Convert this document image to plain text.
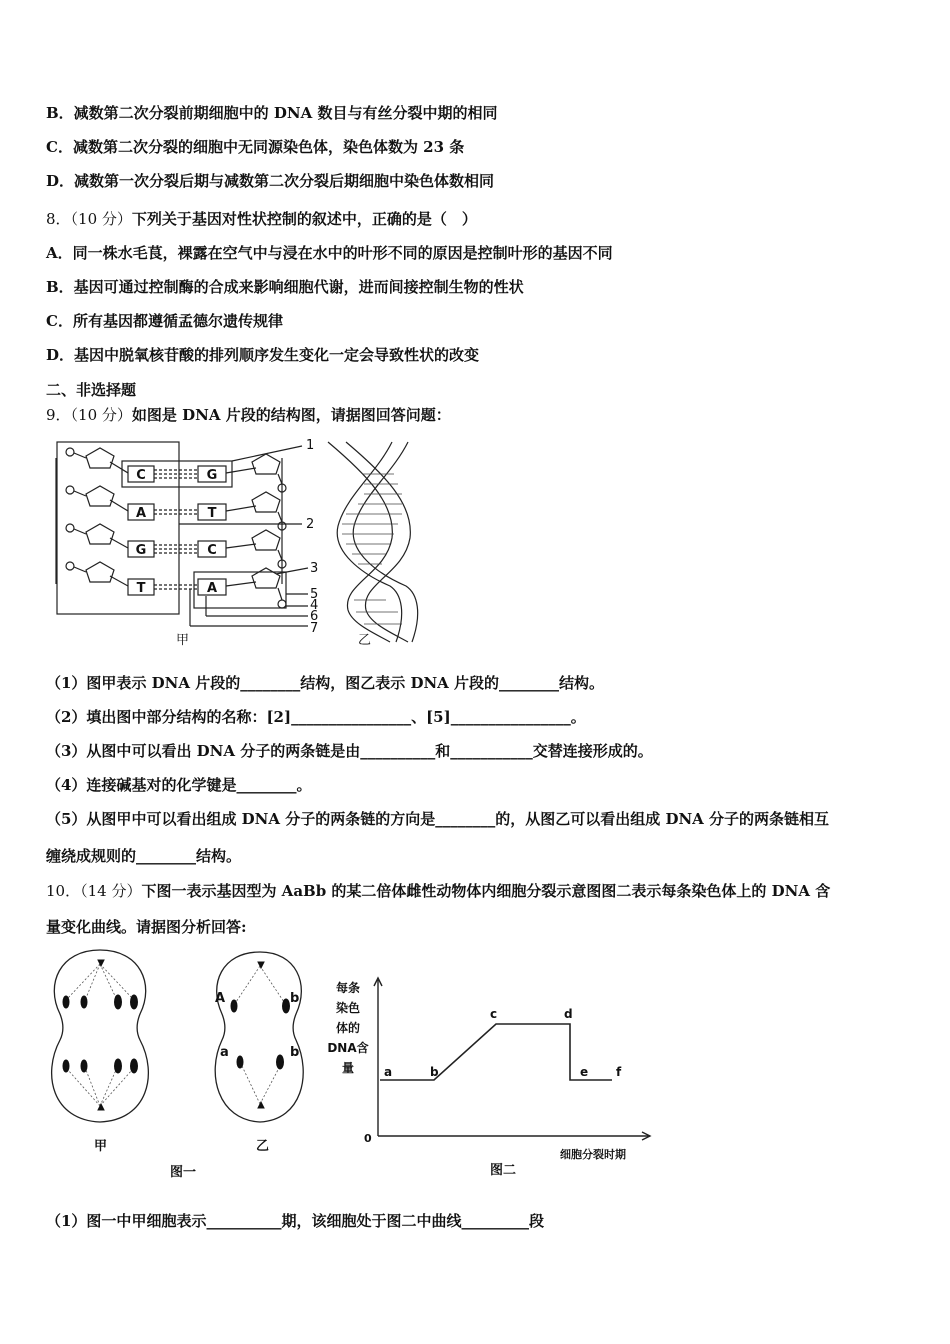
B．减数第二次分裂前期细胞中的 DNA 数目与有丝分裂中期的相同
C．减数第二次分裂的细胞中无同源染色体，染色体数为 23 条
D．减数第一次分裂后期与减数第二次分裂后期细胞中染色体数相同
8．（10 分）下列关于基因对性状控制的叙述中，正确的是（　）
A．同一株水毛茛，裸露在空气中与浸在水中的叶形不同的原因是控制叶形的基因不同
B．基因可通过控制酶的合成来影响细胞代谢，进而间接控制生物的性状
C．所有基因都遵循孟德尔遗传规律
D．基因中脱氧核苷酸的排列顺序发生变化一定会导致性状的改变
二、非选择题
9．（10 分）如图是 DNA 片段的结构图，请据图回答问题：
C
A
G
T
G
T
C
A
1
2
3
5
4
6
7
甲	乙
（1）图甲表示 DNA 片段的________结构，图乙表示 DNA 片段的________结构。
（2）填出图中部分结构的名称：[2]________________、[5]________________。
（3）从图中可以看出 DNA 分子的两条链是由__________和___________交替连接形成的。
（4）连接碱基对的化学键是________。
（5）从图甲中可以看出组成 DNA 分子的两条链的方向是________的，从图乙可以看出组成 DNA 分子的两条链相互
缠绕成规则的________结构。
10．（14 分）下图一表示基因型为 AaBb 的某二倍体雌性动物体内细胞分裂示意图图二表示每条染色体上的 DNA 含
量变化曲线。请据图分析回答:
A	b
a	b
甲	乙
图一
每条
染色
体的
DNA含
量
0
细胞分裂时期
图二
a	b
c	d
e f
（1）图一中甲细胞表示__________期，该细胞处于图二中曲线_________段
